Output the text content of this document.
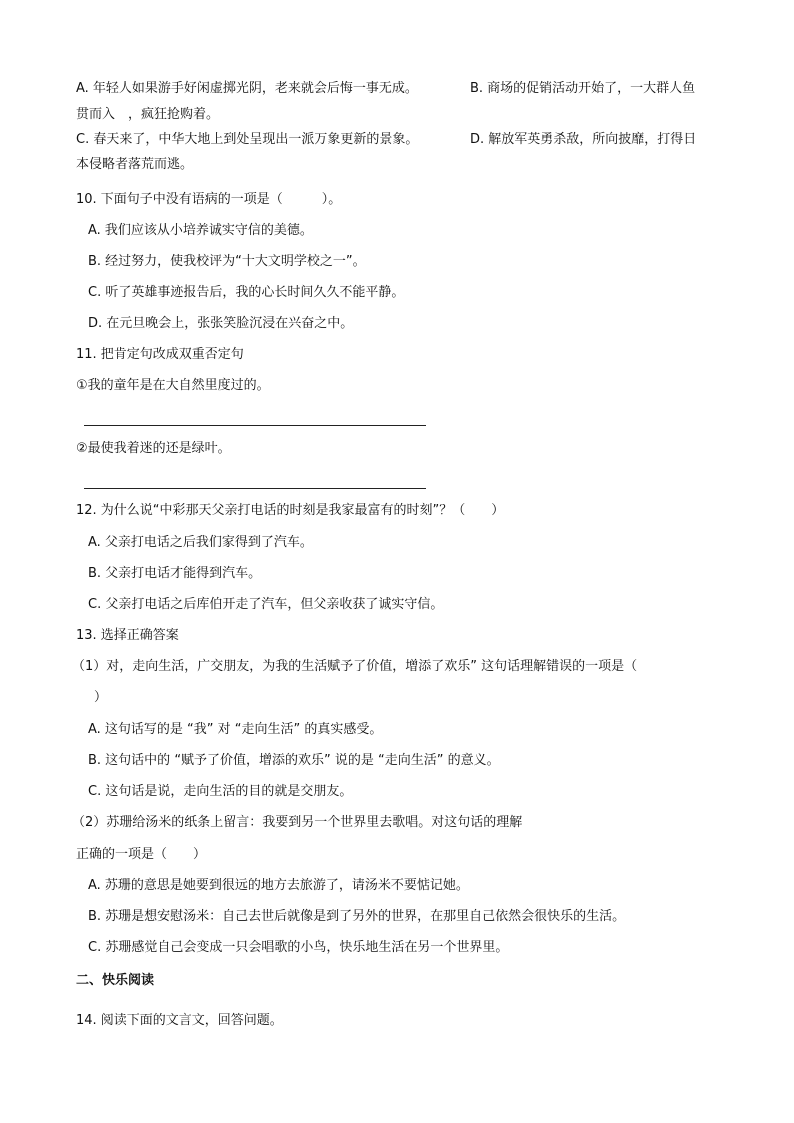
A. 年轻人如果游手好闲虚掷光阴，老来就会后悔一事无成。	B. 商场的促销活动开始了，一大群人鱼
贯而入　，疯狂抢购着。
C. 春天来了，中华大地上到处呈现出一派万象更新的景象。	D. 解放军英勇杀敌，所向披靡，打得日
本侵略者落荒而逃。
10. 下面句子中没有语病的一项是（　　　）。
A. 我们应该从小培养诚实守信的美德。
B. 经过努力，使我校评为“十大文明学校之一”。
C. 听了英雄事迹报告后，我的心长时间久久不能平静。
D. 在元旦晚会上，张张笑脸沉浸在兴奋之中。
11. 把肯定句改成双重否定句
①我的童年是在大自然里度过的。
②最使我着迷的还是绿叶。
12. 为什么说“中彩那天父亲打电话的时刻是我家最富有的时刻”？（　　）
A. 父亲打电话之后我们家得到了汽车。
B. 父亲打电话才能得到汽车。
C. 父亲打电话之后库伯开走了汽车，但父亲收获了诚实守信。
13. 选择正确答案
（1）对，走向生活，广交朋友，为我的生活赋予了价值，增添了欢乐” 这句话理解错误的一项是（
）
A. 这句话写的是 “我” 对 “走向生活” 的真实感受。
B. 这句话中的 “赋予了价值，增添的欢乐” 说的是 “走向生活” 的意义。
C. 这句话是说，走向生活的目的就是交朋友。
（2）苏珊给汤米的纸条上留言：我要到另一个世界里去歌唱。对这句话的理解
正确的一项是（　　）
A. 苏珊的意思是她要到很远的地方去旅游了，请汤米不要惦记她。
B. 苏珊是想安慰汤米：自己去世后就像是到了另外的世界，在那里自己依然会很快乐的生活。
C. 苏珊感觉自己会变成一只会唱歌的小鸟，快乐地生活在另一个世界里。
二、快乐阅读
14. 阅读下面的文言文，回答问题。
